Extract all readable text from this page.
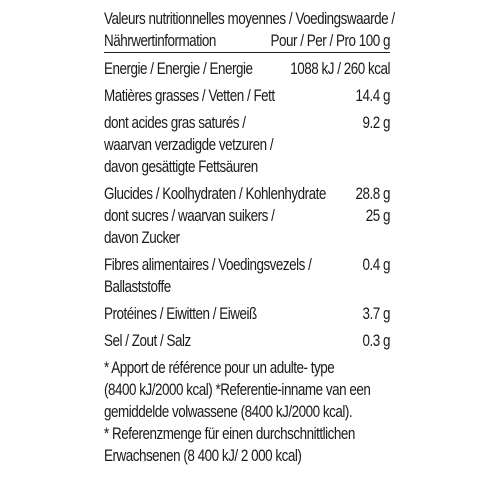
Valeurs nutritionnelles moyennes / Voedingswaarde /
Nährwertinformation	Pour / Per / Pro 100 g
Energie / Energie / Energie 1088 kJ / 260 kcal
Matières grasses / Vetten / Fett	14.4 g
dont acides gras saturés /	9.2 g
waarvan verzadigde vetzuren /
davon gesättigte Fettsäuren
Glucides / Koolhydraten / Kohlenhydrate 28.8 g
dont sucres / waarvan suikers /	25 g
davon Zucker
Fibres alimentaires / Voedingsvezels /	0.4 g
Ballaststoffe
Protéines / Eiwitten / Eiweiß	3.7 g
Sel / Zout / Salz	0.3 g
* Apport de référence pour un adulte- type
(8400 kJ/2000 kcal) *Referentie-inname van een
gemiddelde volwassene (8400 kJ/2000 kcal).
* Referenzmenge für einen durchschnittlichen
Erwachsenen (8 400 kJ/ 2 000 kcal)
